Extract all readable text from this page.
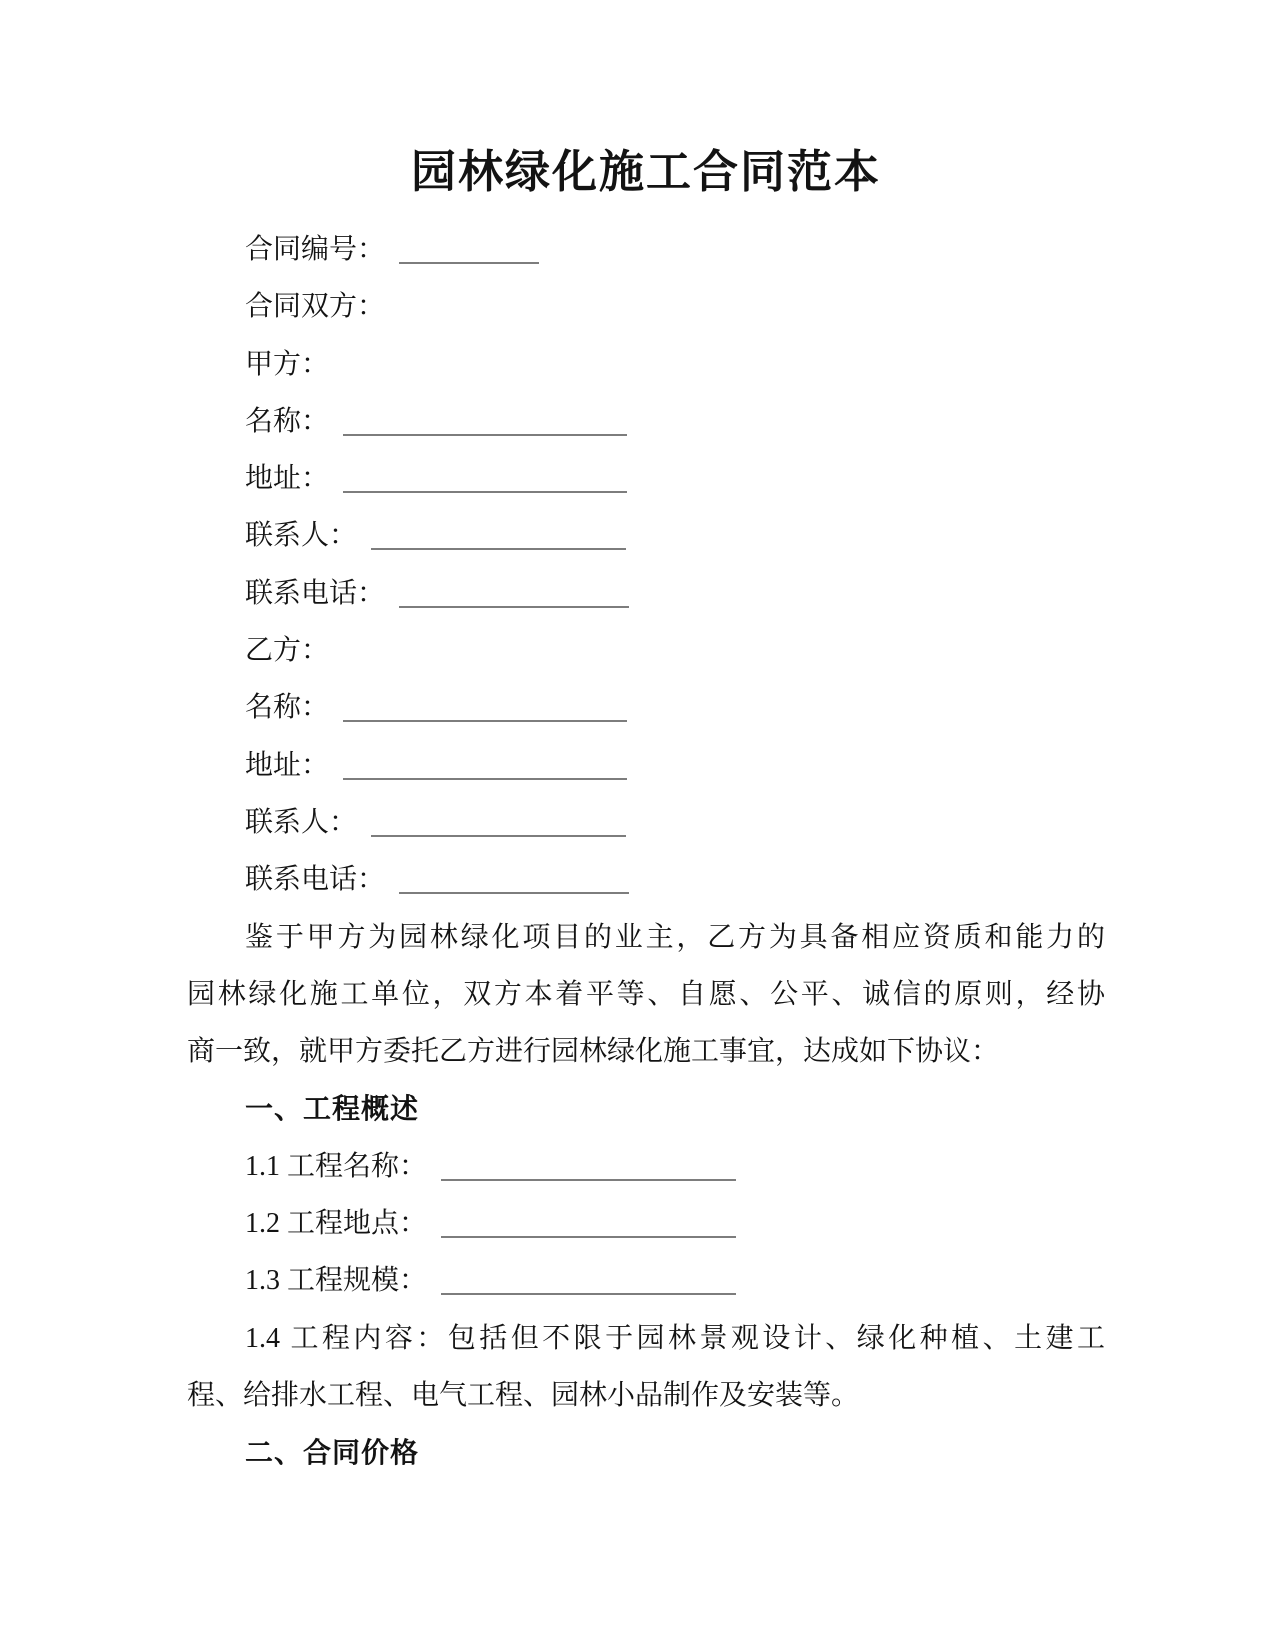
园林绿化施工合同范本
合同编号：
合同双方：
甲方：
名称：
地址：
联系人：
联系电话：
乙方：
名称：
地址：
联系人：
联系电话：
鉴于甲方为园林绿化项目的业主，乙方为具备相应资质和能力的
园林绿化施工单位，双方本着平等、自愿、公平、诚信的原则，经协
商一致，就甲方委托乙方进行园林绿化施工事宜，达成如下协议：
一、工程概述
1.1 工程名称：
1.2 工程地点：
1.3 工程规模：
1.4 工程内容：包括但不限于园林景观设计、绿化种植、土建工
程、给排水工程、电气工程、园林小品制作及安装等。
二、合同价格
